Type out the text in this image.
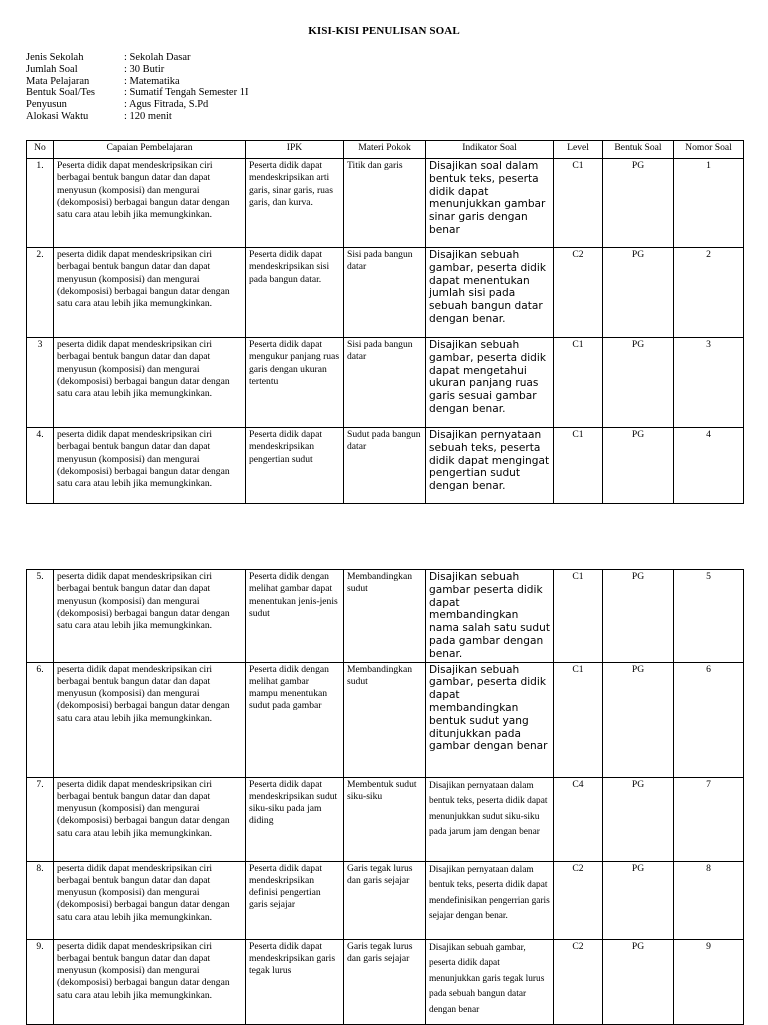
KISI-KISI PENULISAN SOAL
Jenis Sekolah	: Sekolah Dasar
Jumlah Soal	: 30 Butir
Mata Pelajaran	: Matematika
Bentuk Soal/Tes	: Sumatif Tengah Semester 1I
Penyusun	: Agus Fitrada, S.Pd
Alokasi Waktu	: 120 menit
No	Capaian Pembelajaran	IPK	Materi Pokok	Indikator Soal	Level	Bentuk Soal	Nomor Soal
1.	Peserta didik dapat mendeskripsikan ciri berbagai bentuk bangun datar dan dapat menyusun (komposisi) dan mengurai (dekomposisi) berbagai bangun datar dengan satu cara atau lebih jika memungkinkan.	Peserta didik dapat mendeskripsikan arti garis, sinar garis, ruas garis, dan kurva.	Titik dan garis	Disajikan soal dalam bentuk teks, peserta didik dapat menunjukkan gambar sinar garis dengan benar	C1	PG	1
2.	peserta didik dapat mendeskripsikan ciri berbagai bentuk bangun datar dan dapat menyusun (komposisi) dan mengurai (dekomposisi) berbagai bangun datar dengan satu cara atau lebih jika memungkinkan.	Peserta didik dapat mendeskripsikan sisi pada bangun datar.	Sisi pada bangun datar	Disajikan sebuah gambar, peserta didik dapat menentukan jumlah sisi pada sebuah bangun datar dengan benar.	C2	PG	2
3	peserta didik dapat mendeskripsikan ciri berbagai bentuk bangun datar dan dapat menyusun (komposisi) dan mengurai (dekomposisi) berbagai bangun datar dengan satu cara atau lebih jika memungkinkan.	Peserta didik dapat mengukur panjang ruas garis dengan ukuran tertentu	Sisi pada bangun datar	Disajikan sebuah gambar, peserta didik dapat mengetahui ukuran panjang ruas garis sesuai gambar dengan benar.	C1	PG	3
4.	peserta didik dapat mendeskripsikan ciri berbagai bentuk bangun datar dan dapat menyusun (komposisi) dan mengurai (dekomposisi) berbagai bangun datar dengan satu cara atau lebih jika memungkinkan.	Peserta didik dapat mendeskripsikan pengertian sudut	Sudut pada bangun datar	Disajikan pernyataan sebuah teks, peserta didik dapat mengingat pengertian sudut dengan benar.	C1	PG	4
5.	peserta didik dapat mendeskripsikan ciri berbagai bentuk bangun datar dan dapat menyusun (komposisi) dan mengurai (dekomposisi) berbagai bangun datar dengan satu cara atau lebih jika memungkinkan.	Peserta didik dengan melihat gambar dapat menentukan jenis-jenis sudut	Membandingkan sudut	Disajikan sebuah gambar peserta didik dapat membandingkan nama salah satu sudut pada gambar dengan benar.	C1	PG	5
6.	peserta didik dapat mendeskripsikan ciri berbagai bentuk bangun datar dan dapat menyusun (komposisi) dan mengurai (dekomposisi) berbagai bangun datar dengan satu cara atau lebih jika memungkinkan.	Peserta didik dengan melihat gambar mampu menentukan sudut pada gambar	Membandingkan sudut	Disajikan sebuah gambar, peserta didik dapat membandingkan bentuk sudut yang ditunjukkan pada gambar dengan benar	C1	PG	6
7.	peserta didik dapat mendeskripsikan ciri berbagai bentuk bangun datar dan dapat menyusun (komposisi) dan mengurai (dekomposisi) berbagai bangun datar dengan satu cara atau lebih jika memungkinkan.	Peserta didik dapat mendeskripsikan sudut siku-siku pada jam diding	Membentuk sudut siku-siku	Disajikan pernyataan dalam bentuk teks, peserta didik dapat menunjukkan sudut siku-siku pada jarum jam dengan benar	C4	PG	7
8.	peserta didik dapat mendeskripsikan ciri berbagai bentuk bangun datar dan dapat menyusun (komposisi) dan mengurai (dekomposisi) berbagai bangun datar dengan satu cara atau lebih jika memungkinkan.	Peserta didik dapat mendeskripsikan definisi pengertian garis sejajar	Garis tegak lurus dan garis sejajar	Disajikan pernyataan dalam bentuk teks, peserta didik dapat mendefinisikan pengerrian garis sejajar dengan benar.	C2	PG	8
9.	peserta didik dapat mendeskripsikan ciri berbagai bentuk bangun datar dan dapat menyusun (komposisi) dan mengurai (dekomposisi) berbagai bangun datar dengan satu cara atau lebih jika memungkinkan.	Peserta didik dapat mendeskripsikan garis tegak lurus	Garis tegak lurus dan garis sejajar	Disajikan sebuah gambar, peserta didik dapat menunjukkan garis tegak lurus pada sebuah bangun datar dengan benar	C2	PG	9
